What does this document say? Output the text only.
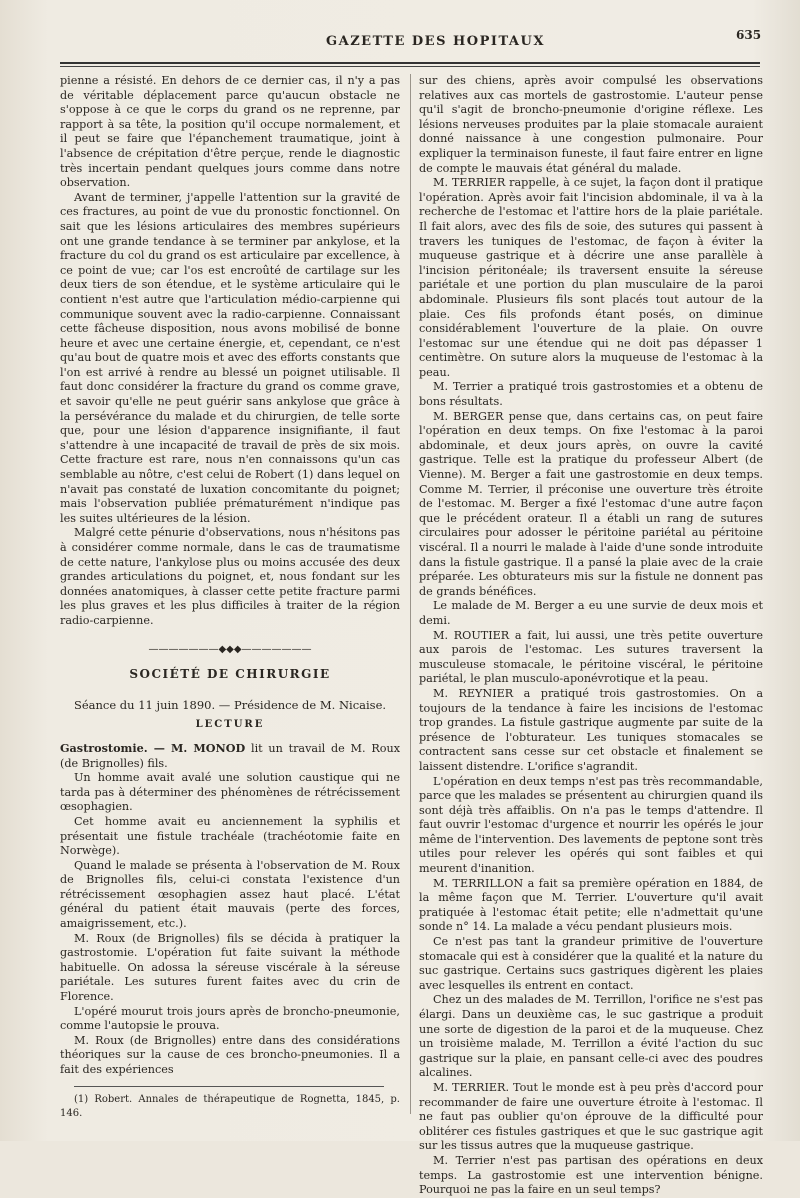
GAZETTE DES HOPITAUX	635

pienne a résisté. En dehors de ce dernier cas, il n'y a pas de véritable déplacement parce qu'aucun obstacle ne s'oppose à ce que le corps du grand os ne reprenne, par rapport à sa tête, la position qu'il occupe normalement, et il peut se faire que l'épanchement traumatique, joint à l'absence de crépitation d'être perçue, rende le diagnostic très incertain pendant quelques jours comme dans notre observation.

Avant de terminer, j'appelle l'attention sur la gravité de ces fractures, au point de vue du pronostic fonctionnel. On sait que les lésions articulaires des membres supérieurs ont une grande tendance à se terminer par ankylose, et la fracture du col du grand os est articulaire par excellence, à ce point de vue; car l'os est encroûté de cartilage sur les deux tiers de son étendue, et le système articulaire qui le contient n'est autre que l'articulation médio-carpienne qui communique souvent avec la radio-carpienne. Connaissant cette fâcheuse disposition, nous avons mobilisé de bonne heure et avec une certaine énergie, et, cependant, ce n'est qu'au bout de quatre mois et avec des efforts constants que l'on est arrivé à rendre au blessé un poignet utilisable. Il faut donc considérer la fracture du grand os comme grave, et savoir qu'elle ne peut guérir sans ankylose que grâce à la persévérance du malade et du chirurgien, de telle sorte que, pour une lésion d'apparence insignifiante, il faut s'attendre à une incapacité de travail de près de six mois. Cette fracture est rare, nous n'en connaissons qu'un cas semblable au nôtre, c'est celui de Robert (1) dans lequel on n'avait pas constaté de luxation concomitante du poignet; mais l'observation publiée prématurément n'indique pas les suites ultérieures de la lésion.

Malgré cette pénurie d'observations, nous n'hésitons pas à considérer comme normale, dans le cas de traumatisme de cette nature, l'ankylose plus ou moins accusée des deux grandes articulations du poignet, et, nous fondant sur les données anatomiques, à classer cette petite fracture parmi les plus graves et les plus difficiles à traiter de la région radio-carpienne.

———————◆◆◆———————
SOCIÉTÉ DE CHIRURGIE
Séance du 11 juin 1890. — Présidence de M. Nicaise.
LECTURE

Gastrostomie. — M. MONOD lit un travail de M. Roux (de Brignolles) fils.

Un homme avait avalé une solution caustique qui ne tarda pas à déterminer des phénomènes de rétrécissement œsophagien.

Cet homme avait eu anciennement la syphilis et présentait une fistule trachéale (trachéotomie faite en Norwège).

Quand le malade se présenta à l'observation de M. Roux de Brignolles fils, celui-ci constata l'existence d'un rétrécissement œsophagien assez haut placé. L'état général du patient était mauvais (perte des forces, amaigrissement, etc.).

M. Roux (de Brignolles) fils se décida à pratiquer la gastrostomie. L'opération fut faite suivant la méthode habituelle. On adossa la séreuse viscérale à la séreuse pariétale. Les sutures furent faites avec du crin de Florence.

L'opéré mourut trois jours après de broncho-pneumonie, comme l'autopsie le prouva.

M. Roux (de Brignolles) entre dans des considérations théoriques sur la cause de ces broncho-pneumonies. Il a fait des expériences

(1) Robert. Annales de thérapeutique de Rognetta, 1845, p. 146.

sur des chiens, après avoir compulsé les observations relatives aux cas mortels de gastrostomie. L'auteur pense qu'il s'agit de broncho-pneumonie d'origine réflexe. Les lésions nerveuses produites par la plaie stomacale auraient donné naissance à une congestion pulmonaire. Pour expliquer la terminaison funeste, il faut faire entrer en ligne de compte le mauvais état général du malade.

M. TERRIER rappelle, à ce sujet, la façon dont il pratique l'opération. Après avoir fait l'incision abdominale, il va à la recherche de l'estomac et l'attire hors de la plaie pariétale. Il fait alors, avec des fils de soie, des sutures qui passent à travers les tuniques de l'estomac, de façon à éviter la muqueuse gastrique et à décrire une anse parallèle à l'incision péritonéale; ils traversent ensuite la séreuse pariétale et une portion du plan musculaire de la paroi abdominale. Plusieurs fils sont placés tout autour de la plaie. Ces fils profonds étant posés, on diminue considérablement l'ouverture de la plaie. On ouvre l'estomac sur une étendue qui ne doit pas dépasser 1 centimètre. On suture alors la muqueuse de l'estomac à la peau.

M. Terrier a pratiqué trois gastrostomies et a obtenu de bons résultats.

M. BERGER pense que, dans certains cas, on peut faire l'opération en deux temps. On fixe l'estomac à la paroi abdominale, et deux jours après, on ouvre la cavité gastrique. Telle est la pratique du professeur Albert (de Vienne). M. Berger a fait une gastrostomie en deux temps. Comme M. Terrier, il préconise une ouverture très étroite de l'estomac. M. Berger a fixé l'estomac d'une autre façon que le précédent orateur. Il a établi un rang de sutures circulaires pour adosser le péritoine pariétal au péritoine viscéral. Il a nourri le malade à l'aide d'une sonde introduite dans la fistule gastrique. Il a pansé la plaie avec de la craie préparée. Les obturateurs mis sur la fistule ne donnent pas de grands bénéfices.

Le malade de M. Berger a eu une survie de deux mois et demi.

M. ROUTIER a fait, lui aussi, une très petite ouverture aux parois de l'estomac. Les sutures traversent la musculeuse stomacale, le péritoine viscéral, le péritoine pariétal, le plan musculo-aponévrotique et la peau.

M. REYNIER a pratiqué trois gastrostomies. On a toujours de la tendance à faire les incisions de l'estomac trop grandes. La fistule gastrique augmente par suite de la présence de l'obturateur. Les tuniques stomacales se contractent sans cesse sur cet obstacle et finalement se laissent distendre. L'orifice s'agrandit.

L'opération en deux temps n'est pas très recommandable, parce que les malades se présentent au chirurgien quand ils sont déjà très affaiblis. On n'a pas le temps d'attendre. Il faut ouvrir l'estomac d'urgence et nourrir les opérés le jour même de l'intervention. Des lavements de peptone sont très utiles pour relever les opérés qui sont faibles et qui meurent d'inanition.

M. TERRILLON a fait sa première opération en 1884, de la même façon que M. Terrier. L'ouverture qu'il avait pratiquée à l'estomac était petite; elle n'admettait qu'une sonde n° 14. La malade a vécu pendant plusieurs mois.

Ce n'est pas tant la grandeur primitive de l'ouverture stomacale qui est à considérer que la qualité et la nature du suc gastrique. Certains sucs gastriques digèrent les plaies avec lesquelles ils entrent en contact.

Chez un des malades de M. Terrillon, l'orifice ne s'est pas élargi. Dans un deuxième cas, le suc gastrique a produit une sorte de digestion de la paroi et de la muqueuse. Chez un troisième malade, M. Terrillon a évité l'action du suc gastrique sur la plaie, en pansant celle-ci avec des poudres alcalines.

M. TERRIER. Tout le monde est à peu près d'accord pour recommander de faire une ouverture étroite à l'estomac. Il ne faut pas oublier qu'on éprouve de la difficulté pour oblitérer ces fistules gastriques et que le suc gastrique agit sur les tissus autres que la muqueuse gastrique.

M. Terrier n'est pas partisan des opérations en deux temps. La gastrostomie est une intervention bénigne. Pourquoi ne pas la faire en un seul temps?
